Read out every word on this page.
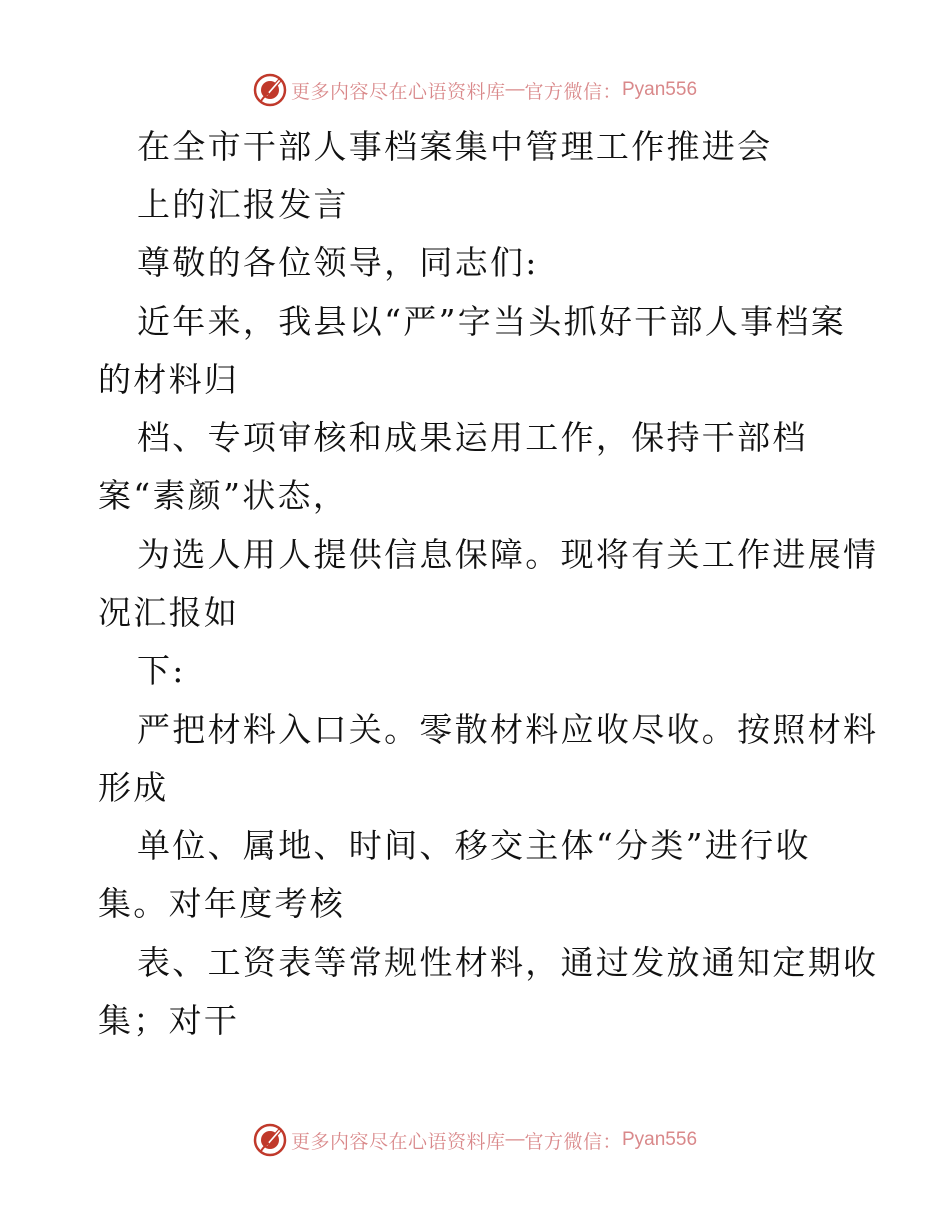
更多内容尽在心语资料库 — 官方微信： Pyan556
在全市干部人事档案集中管理工作推进会
上的汇报发言
尊敬的各位领导，同志们:
近年来，我县以“严”字当头抓好干部人事档案
的材料归
档、专项审核和成果运用工作，保持干部档
案“素颜”状态，
为选人用人提供信息保障。现将有关工作进展情
况汇报如
下:
严把材料入口关。零散材料应收尽收。按照材料
形成
单位、属地、时间、移交主体“分类”进行收
集。对年度考核
表、工资表等常规性材料，通过发放通知定期收
集；对干
更多内容尽在心语资料库 — 官方微信： Pyan556
